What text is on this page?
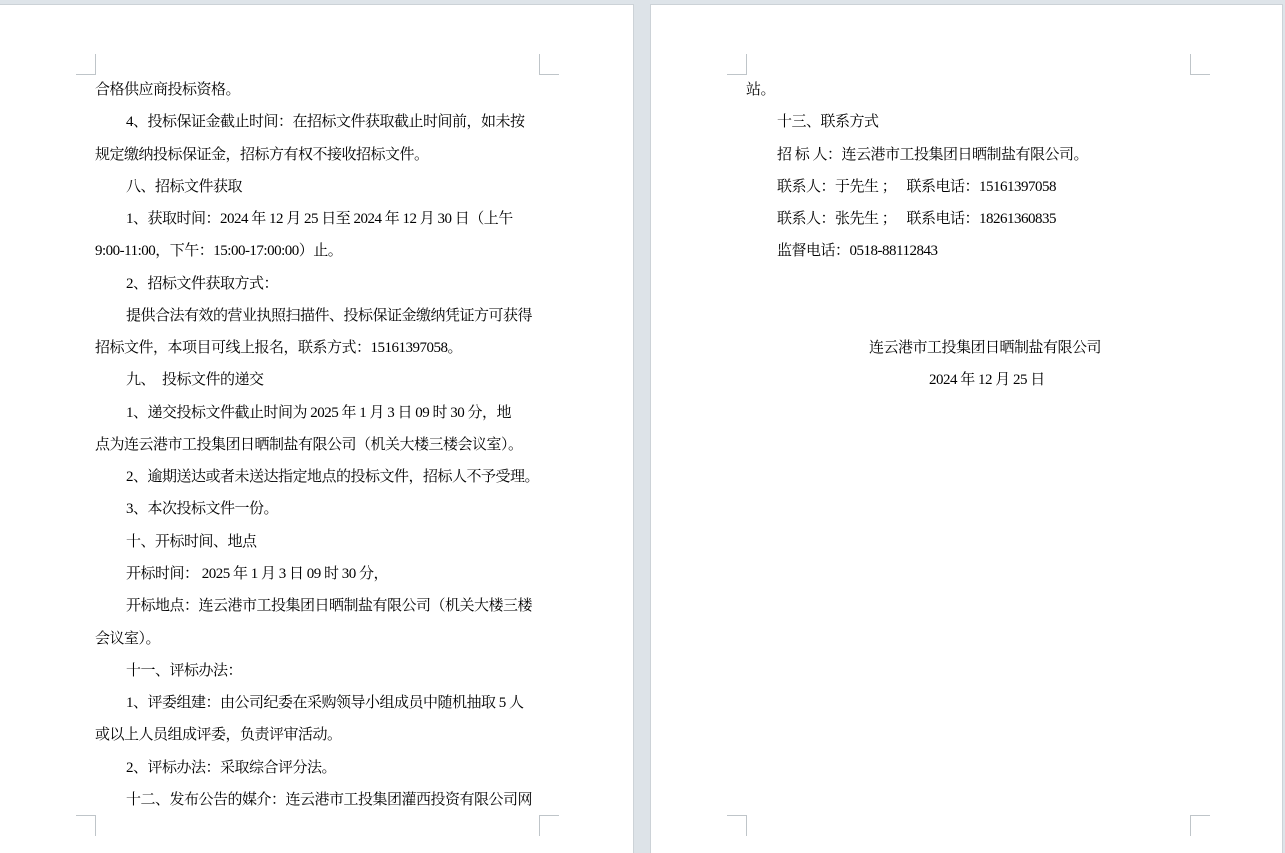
合格供应商投标资格。
4、投标保证金截止时间：在招标文件获取截止时间前，如未按
规定缴纳投标保证金，招标方有权不接收招标文件。
八、招标文件获取
1、获取时间：2024 年 12 月 25 日至 2024 年 12 月 30 日（上午
9:00-11:00，下午：15:00-17:00:00）止。
2、招标文件获取方式：
提供合法有效的营业执照扫描件、投标保证金缴纳凭证方可获得
招标文件，本项目可线上报名，联系方式：15161397058。
九、　投标文件的递交
1、递交投标文件截止时间为 2025 年 1 月 3 日 09 时 30 分，地
点为连云港市工投集团日晒制盐有限公司（机关大楼三楼会议室）。
2、逾期送达或者未送达指定地点的投标文件，招标人不予受理。
3、本次投标文件一份。
十、开标时间、地点
开标时间： 2025 年 1 月 3 日 09 时 30 分，
开标地点：连云港市工投集团日晒制盐有限公司（机关大楼三楼
会议室）。
十一、评标办法：
1、评委组建：由公司纪委在采购领导小组成员中随机抽取 5 人
或以上人员组成评委，负责评审活动。
2、评标办法：采取综合评分法。
十二、发布公告的媒介：连云港市工投集团灌西投资有限公司网
站。
十三、联系方式
招 标 人：连云港市工投集团日晒制盐有限公司。
联系人：于先生 ；　 联系电话：15161397058
联系人：张先生 ；　 联系电话：18261360835
监督电话：0518-88112843
连云港市工投集团日晒制盐有限公司
2024 年 12 月 25 日
